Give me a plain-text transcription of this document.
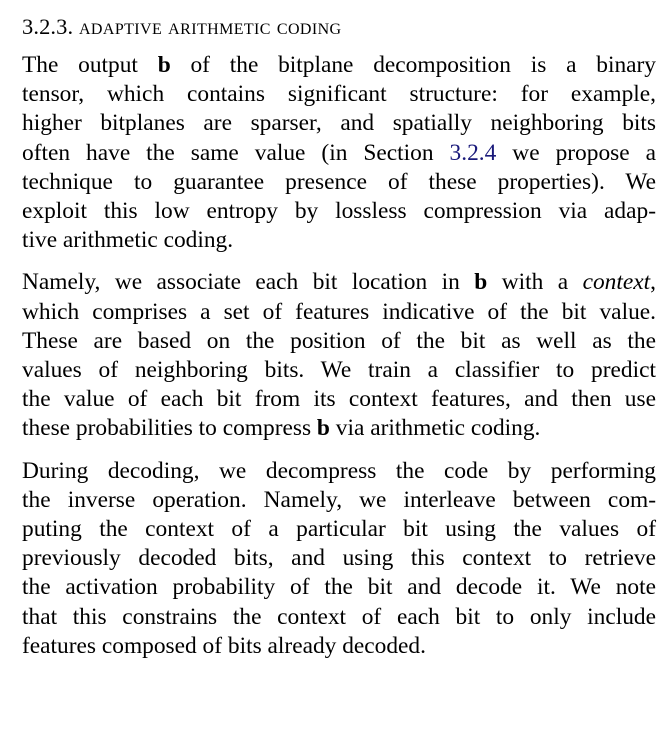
3.2.3. adaptive arithmetic coding

The output b of the bitplane decomposition is a binary
tensor, which contains significant structure: for example,
higher bitplanes are sparser, and spatially neighboring bits
often have the same value (in Section 3.2.4 we propose a
technique to guarantee presence of these properties). We
exploit this low entropy by lossless compression via adap-
tive arithmetic coding.

Namely, we associate each bit location in b with a context,
which comprises a set of features indicative of the bit value.
These are based on the position of the bit as well as the
values of neighboring bits. We train a classifier to predict
the value of each bit from its context features, and then use
these probabilities to compress b via arithmetic coding.

During decoding, we decompress the code by performing
the inverse operation. Namely, we interleave between com-
puting the context of a particular bit using the values of
previously decoded bits, and using this context to retrieve
the activation probability of the bit and decode it. We note
that this constrains the context of each bit to only include
features composed of bits already decoded.
